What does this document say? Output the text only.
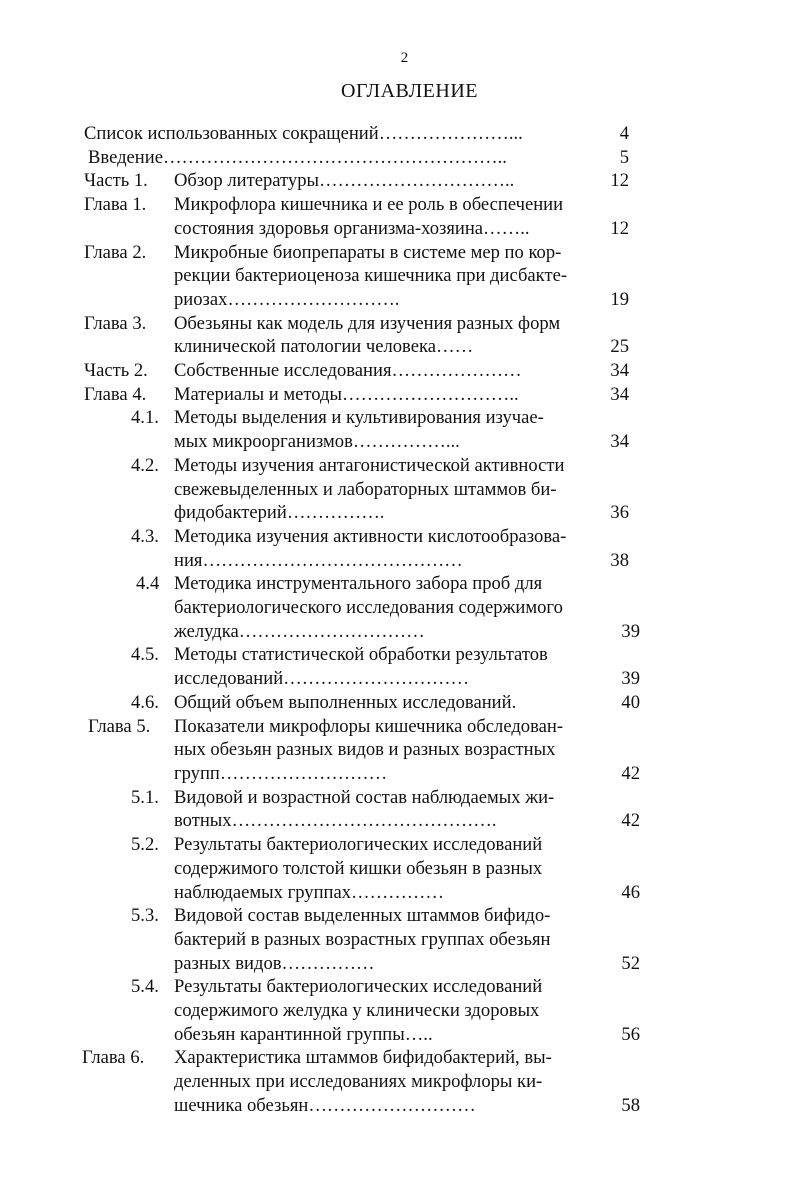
2
ОГЛАВЛЕНИЕ
Список использованных сокращений…………………...	4
Введение………………………………………………..	5
Часть 1. Обзор литературы…………………………..	12
Глава 1. Микрофлора кишечника и ее роль в обеспечении
состояния здоровья организма-хозяина……..	12
Глава 2. Микробные биопрепараты в системе мер по кор-
рекции бактериоценоза кишечника при дисбакте-
риозах……………………….	19
Глава 3. Обезьяны как модель для изучения разных форм
клинической патологии человека……	25
Часть 2. Собственные исследования…………………	34
Глава 4. Материалы и методы………………………..	34
4.1. Методы выделения и культивирования изучае-
мых микроорганизмов……………...	34
4.2. Методы изучения антагонистической активности
свежевыделенных и лабораторных штаммов би-
фидобактерий…………….	36
4.3. Методика изучения активности кислотообразова-
ния……………………………………	38
4.4 Методика инструментального забора проб для
бактериологического исследования содержимого
желудка…………………………	39
4.5. Методы статистической обработки результатов
исследований…………………………	39
4.6. Общий объем выполненных исследований.	40
Глава 5. Показатели микрофлоры кишечника обследован-
ных обезьян разных видов и разных возрастных
групп………………………	42
5.1. Видовой и возрастной состав наблюдаемых жи-
вотных…………………………………….	42
5.2. Результаты бактериологических исследований
содержимого толстой кишки обезьян в разных
наблюдаемых группах……………	46
5.3. Видовой состав выделенных штаммов бифидо-
бактерий в разных возрастных группах обезьян
разных видов……………	52
5.4. Результаты бактериологических исследований
содержимого желудка у клинически здоровых
обезьян карантинной группы…..	56
Глава 6. Характеристика штаммов бифидобактерий, вы-
деленных при исследованиях микрофлоры ки-
шечника обезьян………………………	58
